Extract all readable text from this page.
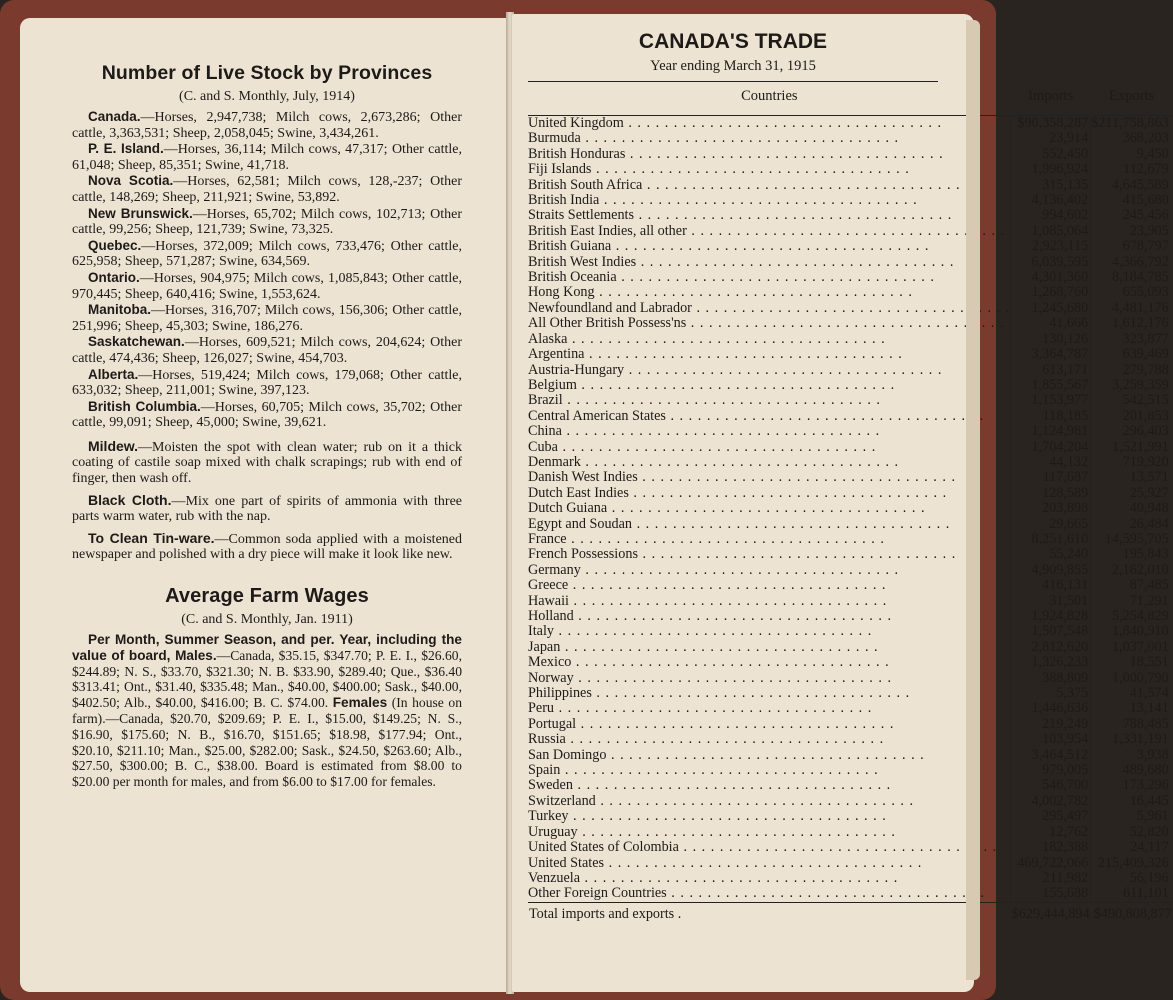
Number of Live Stock by Provinces

(C. and S. Monthly, July, 1914)

Canada.—Horses, 2,947,738; Milch cows, 2,673,286; Other cattle, 3,363,531; Sheep, 2,058,045; Swine, 3,434,261.

P. E. Island.—Horses, 36,114; Milch cows, 47,317; Other cattle, 61,048; Sheep, 85,351; Swine, 41,718.

Nova Scotia.—Horses, 62,581; Milch cows, 128,-237; Other cattle, 148,269; Sheep, 211,921; Swine, 53,892.

New Brunswick.—Horses, 65,702; Milch cows, 102,713; Other cattle, 99,256; Sheep, 121,739; Swine, 73,325.

Quebec.—Horses, 372,009; Milch cows, 733,476; Other cattle, 625,958; Sheep, 571,287; Swine, 634,569.

Ontario.—Horses, 904,975; Milch cows, 1,085,843; Other cattle, 970,445; Sheep, 640,416; Swine, 1,553,624.

Manitoba.—Horses, 316,707; Milch cows, 156,306; Other cattle, 251,996; Sheep, 45,303; Swine, 186,276.

Saskatchewan.—Horses, 609,521; Milch cows, 204,624; Other cattle, 474,436; Sheep, 126,027; Swine, 454,703.

Alberta.—Horses, 519,424; Milch cows, 179,068; Other cattle, 633,032; Sheep, 211,001; Swine, 397,123.

British Columbia.—Horses, 60,705; Milch cows, 35,702; Other cattle, 99,091; Sheep, 45,000; Swine, 39,621.

Mildew.—Moisten the spot with clean water; rub on it a thick coating of castile soap mixed with chalk scrapings; rub with end of finger, then wash off.

Black Cloth.—Mix one part of spirits of ammonia with three parts warm water, rub with the nap.

To Clean Tin-ware.—Common soda applied with a moistened newspaper and polished with a dry piece will make it look like new.

Average Farm Wages

(C. and S. Monthly, Jan. 1911)

Per Month, Summer Season, and per. Year, including the value of board, Males.—Canada, $35.15, $347.70; P. E. I., $26.60, $244.89; N. S., $33.70, $321.30; N. B. $33.90, $289.40; Que., $36.40 $313.41; Ont., $31.40, $335.48; Man., $40.00, $400.00; Sask., $40.00, $402.50; Alb., $40.00, $416.00; B. C. $74.00. Females (In house on farm).—Canada, $20.70, $209.69; P. E. I., $15.00, $149.25; N. S., $16.90, $175.60; N. B., $16.70, $151.65; $18.98, $177.94; Ont., $20.10, $211.10; Man., $25.00, $282.00; Sask., $24.50, $263.60; Alb., $27.50, $300.00; B. C., $38.00. Board is estimated from $8.00 to $20.00 per month for males, and from $6.00 to $17.00 for females.

CANADA'S TRADE
Year ending March 31, 1915
Countries	Imports	Exports

United Kingdom . . .	$90,358,287	$211,758,863

Burmuda . . .	23,914	368,203

British Honduras . . .	552,450	9,450

Fiji Islands . . .	1,996,924	112,679

British South Africa . . .	315,135	4,645,589

British India . . .	4,136,402	415,680

Straits Settlements . . .	994,602	245,456

British East Indies, all other . . .	1,085,064	23,905

British Guiana . . .	2,923,115	678,797

British West Indies . . .	6,039,595	4,366,792

British Oceania . . .	4,301,360	8,184,785

Hong Kong . . .	1,268,760	655,093

Newfoundland and Labrador . . .	1,245,680	4,481,176

All Other British Possess'ns . . .	41,666	1,612,176

Alaska . . .	130,126	323,877

Argentina . . .	3,364,787	639,469

Austria-Hungary . . .	613,171	279,788

Belgium . . .	1,855,567	3,259,359

Brazil . . .	1,153,977	542,515

Central American States . . .	118,185	201,853

China . . .	1,124,981	296,403

Cuba . . .	1,704,204	1,521,991

Denmark . . .	44,132	719,920

Danish West Indies . . .	117,687	13,571

Dutch East Indies . . .	128,589	25,927

Dutch Guiana . . .	203,898	40,948

Egypt and Soudan . . .	29,665	26,484

France . . .	8,251,610	14,595,705

French Possessions . . .	55,240	195,843

Germany . . .	4,909,855	2,162,010

Greece . . .	416,131	87,485

Hawaii . . .	31,501	71,291

Holland . . .	1,924,828	5,254,829

Italy . . .	1,507,548	1,840,910

Japan . . .	2,812,620	1,037,001

Mexico . . .	1,326,233	18,551

Norway . . .	388,809	1,000,790

Philippines . . .	5,375	41,574

Peru . . .	1,446,636	13,141

Portugal . . .	219,249	788,485

Russia . . .	103,954	1,331,191

San Domingo . . .	3,464,512	3,938

Spain . . .	979,005	489,680

Sweden . . .	546,700	173,296

Switzerland . . .	4,002,782	16,445

Turkey . . .	295,497	5,961

Uruguay . . .	12,762	52,820

United States of Colombia . . .	182,388	24,117

United States . . .	469,722,066	215,409,326

Venzuela . . .	211,982	56,196

Other Foreign Countries . . .	155,688	611,101
Total imports and exports .	$629,444,894	$490,808,877
